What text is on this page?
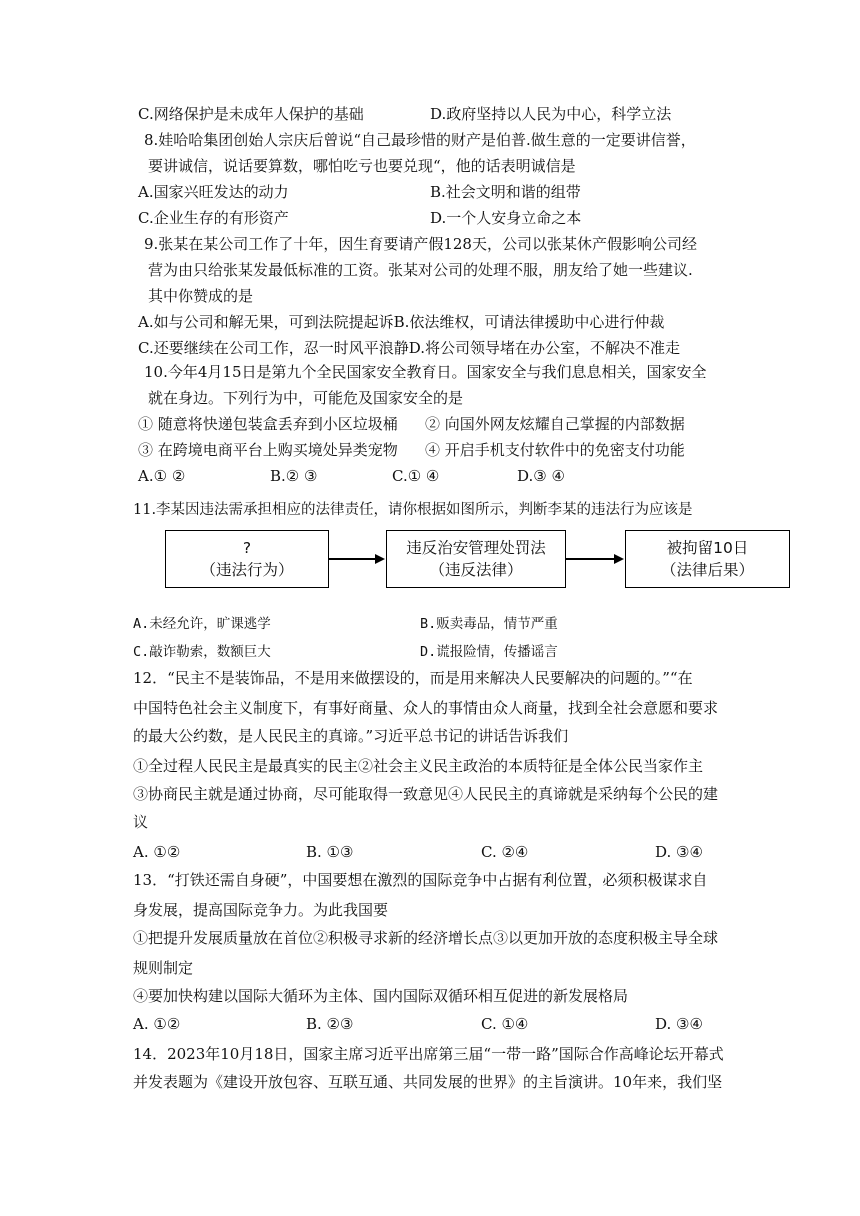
C.网络保护是未成年人保护的基础	D.政府坚持以人民为中心，科学立法
8.娃哈哈集团创始人宗庆后曾说“自己最珍惜的财产是伯普.做生意的一定要讲信誉，
要讲诚信，说话要算数，哪怕吃亏也要兑现“，他的话表明诚信是
A.国家兴旺发达的动力	B.社会文明和谐的组带
C.企业生存的有形资产	D.一个人安身立命之本
9.张某在某公司工作了十年，因生育要请产假128天，公司以张某休产假影响公司经
营为由只给张某发最低标准的工资。张某对公司的处理不服，朋友给了她一些建议.
其中你赞成的是
A.如与公司和解无果，可到法院提起诉B.依法维权，可请法律援助中心进行仲裁
C.还要继续在公司工作，忍一时风平浪静D.将公司领导堵在办公室，不解决不准走
10.今年4月15日是第九个全民国家安全教育日。国家安全与我们息息相关，国家安全
就在身边。下列行为中，可能危及国家安全的是
① 随意将快递包装盒丢弃到小区垃圾桶 ② 向国外网友炫耀自己掌握的内部数据
③ 在跨境电商平台上购买境处异类宠物 ④ 开启手机支付软件中的免密支付功能
A.① ②	B.② ③	C.① ④	D.③ ④
11.李某因违法需承担相应的法律责任，请你根据如图所示，判断李某的违法行为应该是
?
（违法行为）
违反治安管理处罚法
（违反法律）
被拘留10日
（法律后果）
A.未经允许，旷课逃学	B.贩卖毒品，情节严重
C.敲诈勒索，数额巨大	D.谎报险情，传播谣言
12．“民主不是装饰品，不是用来做摆设的，而是用来解决人民要解决的问题的。”“在
中国特色社会主义制度下，有事好商量、众人的事情由众人商量，找到全社会意愿和要求
的最大公约数，是人民民主的真谛。”习近平总书记的讲话告诉我们
①全过程人民民主是最真实的民主②社会主义民主政治的本质特征是全体公民当家作主
③协商民主就是通过协商，尽可能取得一致意见④人民民主的真谛就是采纳每个公民的建
议
A. ①②	B. ①③	C. ②④	D. ③④
13．“打铁还需自身硬”，中国要想在激烈的国际竞争中占据有利位置，必须积极谋求自
身发展，提高国际竞争力。为此我国要
①把提升发展质量放在首位②积极寻求新的经济增长点③以更加开放的态度积极主导全球
规则制定
④要加快构建以国际大循环为主体、国内国际双循环相互促进的新发展格局
A. ①②	B. ②③	C. ①④	D. ③④
14．2023年10月18日，国家主席习近平出席第三届“一带一路”国际合作高峰论坛开幕式
并发表题为《建设开放包容、互联互通、共同发展的世界》的主旨演讲。10年来，我们坚
